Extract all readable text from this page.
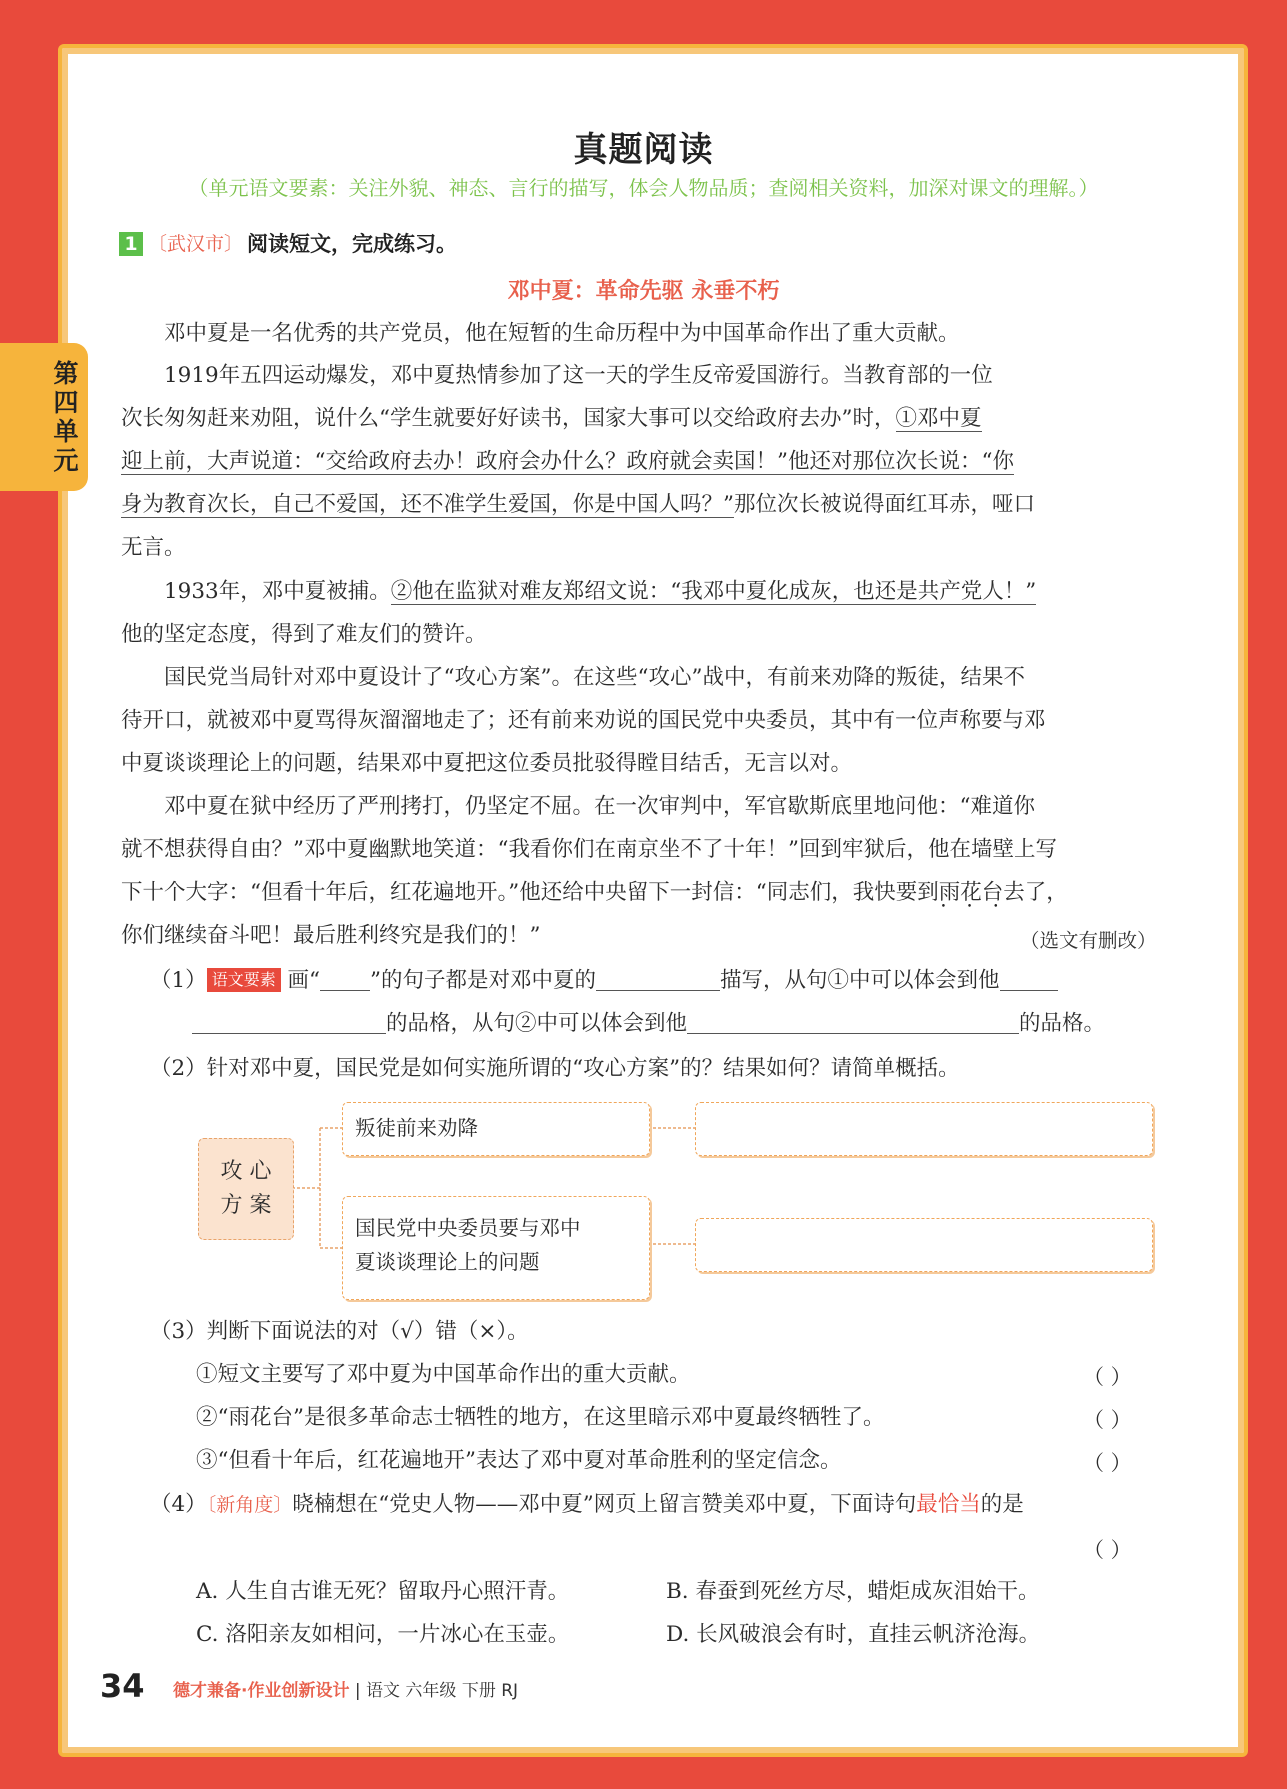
第四单元
真题阅读
（单元语文要素：关注外貌、神态、言行的描写，体会人物品质；查阅相关资料，加深对课文的理解。）
1 〔武汉市〕 阅读短文，完成练习。
邓中夏：革命先驱 永垂不朽
邓中夏是一名优秀的共产党员，他在短暂的生命历程中为中国革命作出了重大贡献。
1919年五四运动爆发，邓中夏热情参加了这一天的学生反帝爱国游行。当教育部的一位
次长匆匆赶来劝阻，说什么“学生就要好好读书，国家大事可以交给政府去办”时，①邓中夏
迎上前，大声说道：“交给政府去办！政府会办什么？政府就会卖国！”他还对那位次长说：“你
身为教育次长，自己不爱国，还不准学生爱国，你是中国人吗？”那位次长被说得面红耳赤，哑口
无言。
1933年，邓中夏被捕。②他在监狱对难友郑绍文说：“我邓中夏化成灰，也还是共产党人！”
他的坚定态度，得到了难友们的赞许。
国民党当局针对邓中夏设计了“攻心方案”。在这些“攻心”战中，有前来劝降的叛徒，结果不
待开口，就被邓中夏骂得灰溜溜地走了；还有前来劝说的国民党中央委员，其中有一位声称要与邓
中夏谈谈理论上的问题，结果邓中夏把这位委员批驳得瞠目结舌，无言以对。
邓中夏在狱中经历了严刑拷打，仍坚定不屈。在一次审判中，军官歇斯底里地问他：“难道你
就不想获得自由？”邓中夏幽默地笑道：“我看你们在南京坐不了十年！”回到牢狱后，他在墙壁上写
下十个大字：“但看十年后，红花遍地开。”他还给中央留下一封信：“同志们，我快要到雨花台 • • •去了，
你们继续奋斗吧！最后胜利终究是我们的！”	（选文有删改）
（1） 语文要素 画“ ”的句子都是对邓中夏的	描写，从句①中可以体会到他
的品格，从句②中可以体会到他	的品格。
（2）针对邓中夏，国民党是如何实施所谓的“攻心方案”的？结果如何？请简单概括。
攻 心
方 案
叛徒前来劝降
国民党中央委员要与邓中
夏谈谈理论上的问题
（3）判断下面说法的对（√）错（×）。
①短文主要写了邓中夏为中国革命作出的重大贡献。	（ ）
②“雨花台”是很多革命志士牺牲的地方，在这里暗示邓中夏最终牺牲了。	（ ）
③“但看十年后，红花遍地开”表达了邓中夏对革命胜利的坚定信念。	（ ）
（4）〔新角度〕晓楠想在“党史人物——邓中夏”网页上留言赞美邓中夏，下面诗句最恰当的是
（ ）
A. 人生自古谁无死？留取丹心照汗青。	B. 春蚕到死丝方尽，蜡炬成灰泪始干。
C. 洛阳亲友如相问，一片冰心在玉壶。	D. 长风破浪会有时，直挂云帆济沧海。
34 德才兼备·作业创新设计 | 语文 六年级 下册 RJ
